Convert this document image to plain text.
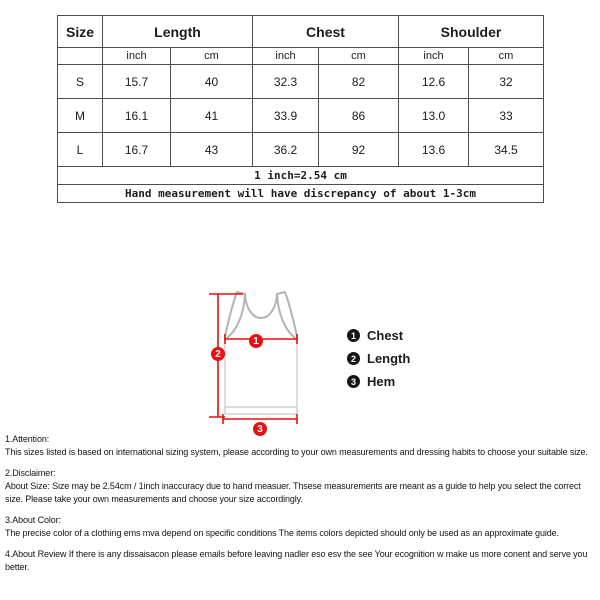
Size	Length		Chest		Shoulder	
	inch	cm	inch	cm	inch	cm
S	15.7	40	32.3	82	12.6	32
M	16.1	41	33.9	86	13.0	33
L	16.7	43	36.2	92	13.6	34.5
1 inch=2.54 cm						
Hand measurement will have discrepancy of about 1-3cm						
1
2
3
1 Chest
2 Length
3 Hem
1.Attention:
This sizes listed is based on international sizing system, please according to your own measurements and dressing habits to choose your suitable size.
2.Disclaimer:
About Size: Size may be 2.54cm / 1inch inaccuracy due to hand measuer. Thsese measurements are meant as a guide to help you select the correct size. Please take your own measurements and choose your size accordingly.
3.About Color:
The precise color of a clothing ems mva depend on specific conditions The items colors depicted should only be used as an approximate guide.
4.About Review If there is any dissaisacon please emails before leaving nadler eso esv the see Your ecognition w make us more conent and serve you better.
